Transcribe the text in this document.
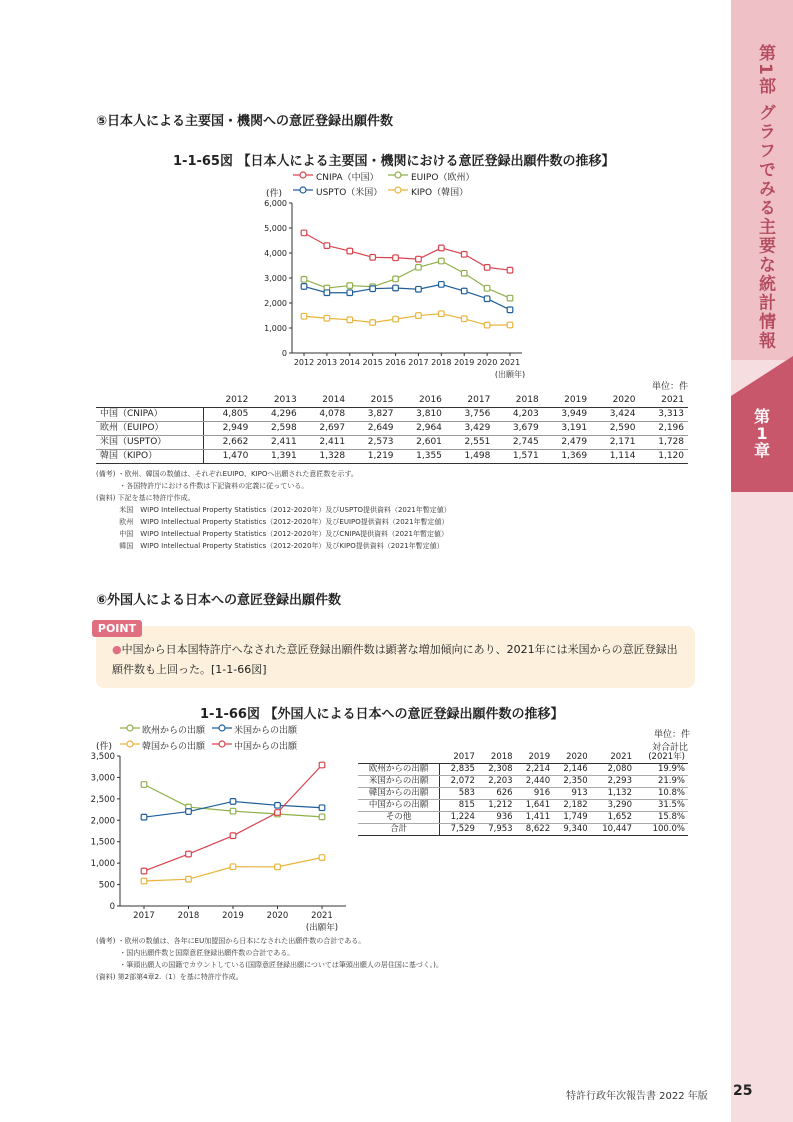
第1部 グラフでみる主要な統計情報
第
1
章
⑤日本人による主要国・機関への意匠登録出願件数
1-1-65図 【日本人による主要国・機関における意匠登録出願件数の推移】
CNIPA（中国）	EUIPO（欧州）
USPTO（米国）	KIPO（韓国）
(件)
0
1,000
2,000
3,000
4,000
5,000
6,000
2012 2013 2014 2015 2016 2017 2018 2019 2020 2021
(出願年)
単位：件
	2012	2013	2014	2015	2016	2017	2018	2019	2020	2021
中国（CNIPA）	4,805	4,296	4,078	3,827	3,810	3,756	4,203	3,949	3,424	3,313
欧州（EUIPO）	2,949	2,598	2,697	2,649	2,964	3,429	3,679	3,191	2,590	2,196
米国（USPTO）	2,662	2,411	2,411	2,573	2,601	2,551	2,745	2,479	2,171	1,728
韓国（KIPO）	1,470	1,391	1,328	1,219	1,355	1,498	1,571	1,369	1,114	1,120
(備考) ・欧州、韓国の数値は、それぞれEUIPO、KIPOへ出願された意匠数を示す。
　　　 ・各国特許庁における件数は下記資料の定義に従っている。
(資料) 下記を基に特許庁作成。
　　　 米国　WIPO Intellectual Property Statistics（2012-2020年）及びUSPTO提供資料（2021年暫定値）
　　　 欧州　WIPO Intellectual Property Statistics（2012-2020年）及びEUIPO提供資料（2021年暫定値）
　　　 中国　WIPO Intellectual Property Statistics（2012-2020年）及びCNIPA提供資料（2021年暫定値）
　　　 韓国　WIPO Intellectual Property Statistics（2012-2020年）及びKIPO提供資料（2021年暫定値）
⑥外国人による日本への意匠登録出願件数
POINT
●中国から日本国特許庁へなされた意匠登録出願件数は顕著な増加傾向にあり、2021年には米国からの意匠登録出願件数も上回った。[1-1-66図]
1-1-66図 【外国人による日本への意匠登録出願件数の推移】
欧州からの出願	米国からの出願
韓国からの出願	中国からの出願
(件)
0
500
1,000
1,500
2,000
2,500
3,000
3,500
2017	2018	2019	2020	2021
(出願年)
単位：件
対合計比
	2017	2018	2019	2020	2021	(2021年)
欧州からの出願	2,835	2,308	2,214	2,146	2,080	19.9%
米国からの出願	2,072	2,203	2,440	2,350	2,293	21.9%
韓国からの出願	583	626	916	913	1,132	10.8%
中国からの出願	815	1,212	1,641	2,182	3,290	31.5%
その他	1,224	936	1,411	1,749	1,652	15.8%
合計	7,529	7,953	8,622	9,340	10,447	100.0%
(備考) ・欧州の数値は、各年にEU加盟国から日本になされた出願件数の合計である。
　　　 ・国内出願件数と国際意匠登録出願件数の合計である。
　　　 ・筆頭出願人の国籍でカウントしている(国際意匠登録出願については筆頭出願人の居住国に基づく。)。
(資料) 第2部第4章2.（1）を基に特許庁作成。
特許行政年次報告書 2022 年版 25
